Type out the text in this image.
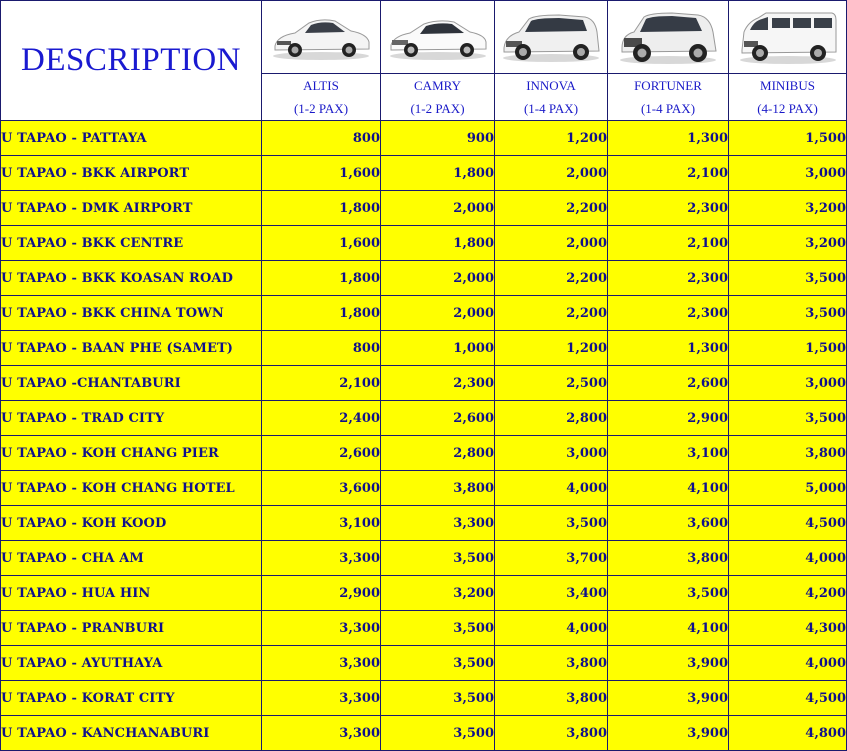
DESCRIPTION	

	ALTIS	CAMRY	INNOVA	FORTUNER	MINIBUS
	(1-2 PAX)	(1-2 PAX)	(1-4 PAX)	(1-4 PAX)	(4-12 PAX)
U TAPAO - PATTAYA	800	900	1,200	1,300	1,500
U TAPAO - BKK AIRPORT	1,600	1,800	2,000	2,100	3,000
U TAPAO - DMK AIRPORT	1,800	2,000	2,200	2,300	3,200
U TAPAO - BKK CENTRE	1,600	1,800	2,000	2,100	3,200
U TAPAO - BKK KOASAN ROAD	1,800	2,000	2,200	2,300	3,500
U TAPAO - BKK CHINA TOWN	1,800	2,000	2,200	2,300	3,500
U TAPAO - BAAN PHE (SAMET)	800	1,000	1,200	1,300	1,500
U TAPAO -CHANTABURI	2,100	2,300	2,500	2,600	3,000
U TAPAO - TRAD CITY	2,400	2,600	2,800	2,900	3,500
U TAPAO - KOH CHANG PIER	2,600	2,800	3,000	3,100	3,800
U TAPAO - KOH CHANG HOTEL	3,600	3,800	4,000	4,100	5,000
U TAPAO - KOH KOOD	3,100	3,300	3,500	3,600	4,500
U TAPAO - CHA AM	3,300	3,500	3,700	3,800	4,000
U TAPAO - HUA HIN	2,900	3,200	3,400	3,500	4,200
U TAPAO - PRANBURI	3,300	3,500	4,000	4,100	4,300
U TAPAO - AYUTHAYA	3,300	3,500	3,800	3,900	4,000
U TAPAO - KORAT CITY	3,300	3,500	3,800	3,900	4,500
U TAPAO - KANCHANABURI	3,300	3,500	3,800	3,900	4,800
